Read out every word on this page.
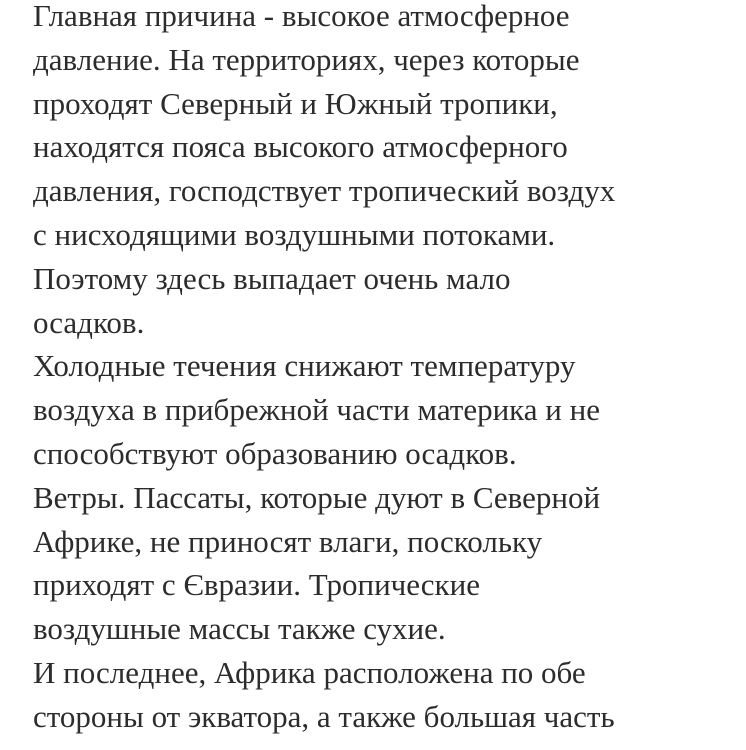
Главная причина - высокое атмосферное
давление. На территориях, через которые
проходят Северный и Южный тропики,
находятся пояса высокого атмосферного
давления, господствует тропический воздух
с нисходящими воздушными потоками.
Поэтому здесь выпадает очень мало
осадков.
Холодные течения снижают температуру
воздуха в прибрежной части материка и не
способствуют образованию осадков.
Ветры. Пассаты, которые дуют в Северной
Африке, не приносят влаги, поскольку
приходят с Євразии. Тропические
воздушные массы также сухие.
И последнее, Африка расположена по обе
стороны от экватора, а также большая часть
